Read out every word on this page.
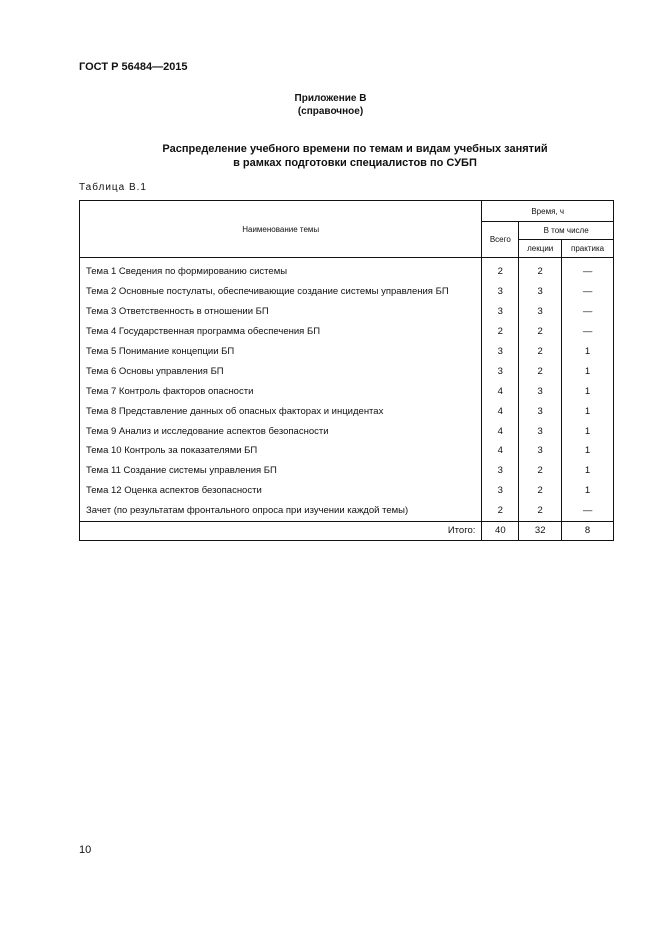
ГОСТ Р 56484—2015
Приложение В
(справочное)
Распределение учебного времени по темам и видам учебных занятий
в рамках подготовки специалистов по СУБП
Таблица В.1
Наименование темы	Время, ч		
	Всего	В том числе	
		лекции	практика
Тема 1 Сведения по формированию системы	2	2	—
Тема 2 Основные постулаты, обеспечивающие создание системы управления БП	3	3	—
Тема 3 Ответственность в отношении БП	3	3	—
Тема 4 Государственная программа обеспечения БП	2	2	—
Тема 5 Понимание концепции БП	3	2	1
Тема 6 Основы управления БП	3	2	1
Тема 7 Контроль факторов опасности	4	3	1
Тема 8 Представление данных об опасных факторах и инцидентах	4	3	1
Тема 9 Анализ и исследование аспектов безопасности	4	3	1
Тема 10 Контроль за показателями БП	4	3	1
Тема 11 Создание системы управления БП	3	2	1
Тема 12 Оценка аспектов безопасности	3	2	1
Зачет (по результатам фронтального опроса при изучении каждой темы)	2	2	—
Итого:	40	32	8
10
